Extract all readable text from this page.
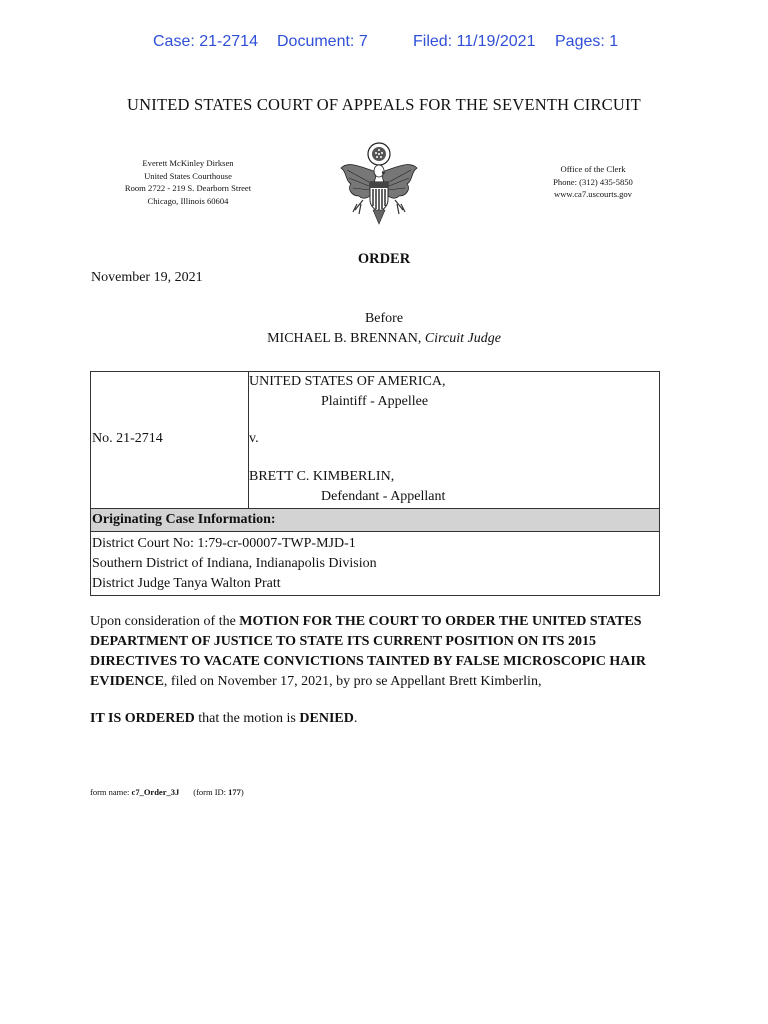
Case: 21-2714 Document: 7	Filed: 11/19/2021 Pages: 1
UNITED STATES COURT OF APPEALS FOR THE SEVENTH CIRCUIT
Everett McKinley Dirksen
United States Courthouse
Room 2722 - 219 S. Dearborn Street
Chicago, Illinois 60604
Office of the Clerk
Phone: (312) 435-5850
www.ca7.uscourts.gov
ORDER
November 19, 2021
Before
MICHAEL B. BRENNAN, Circuit Judge
No. 21-2714
UNITED STATES OF AMERICA,
Plaintiff - Appellee
v.
BRETT C. KIMBERLIN,
Defendant - Appellant
Originating Case Information:
District Court No: 1:79-cr-00007-TWP-MJD-1
Southern District of Indiana, Indianapolis Division
District Judge Tanya Walton Pratt
Upon consideration of the MOTION FOR THE COURT TO ORDER THE UNITED STATES DEPARTMENT OF JUSTICE TO STATE ITS CURRENT POSITION ON ITS 2015 DIRECTIVES TO VACATE CONVICTIONS TAINTED BY FALSE MICROSCOPIC HAIR EVIDENCE, filed on November 17, 2021, by pro se Appellant Brett Kimberlin,
IT IS ORDERED that the motion is DENIED.
form name: c7_Order_3J (form ID: 177)
